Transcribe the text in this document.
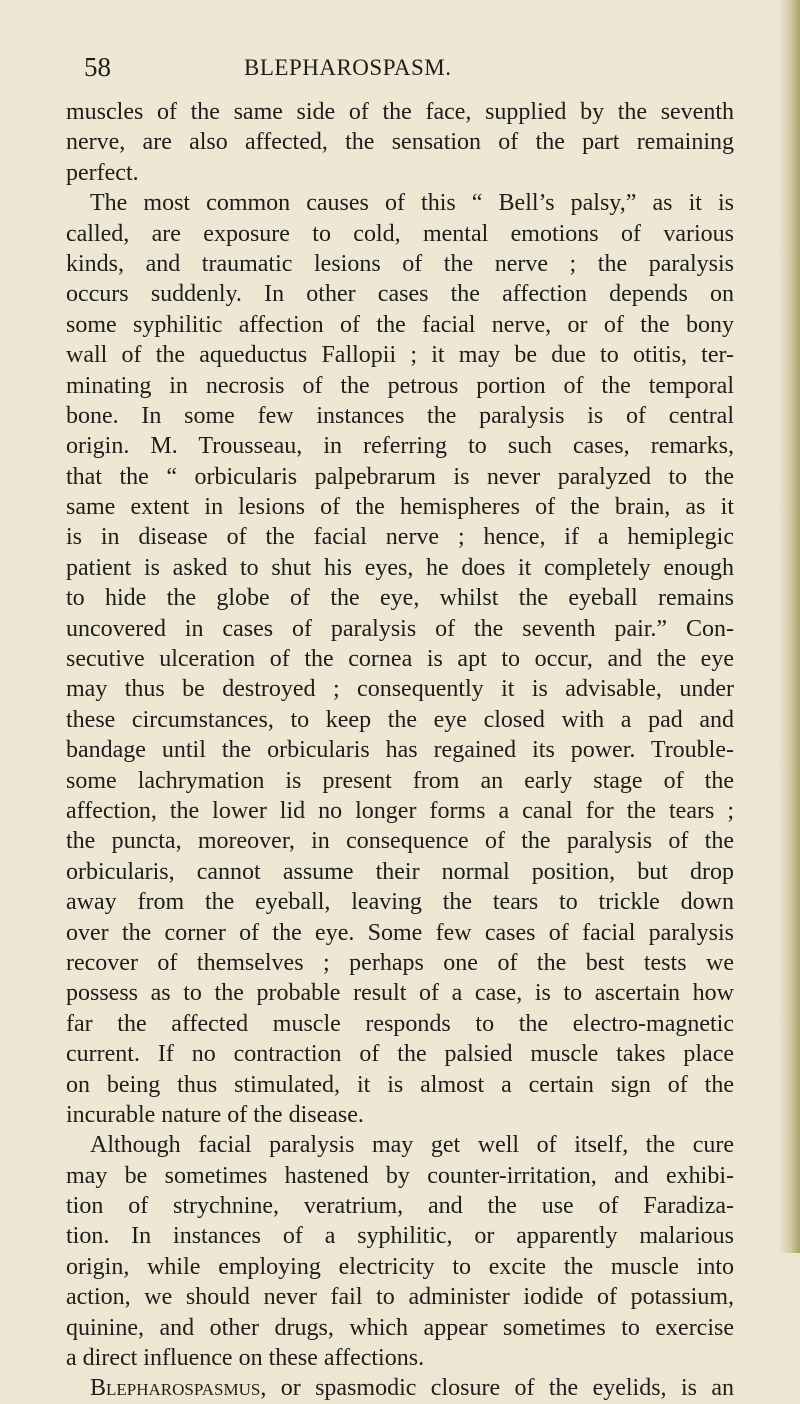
58	BLEPHAROSPASM.
muscles of the same side of the face, supplied by the seventh
nerve, are also affected, the sensation of the part remaining
perfect.
The most common causes of this “ Bell’s palsy,” as it is
called, are exposure to cold, mental emotions of various
kinds, and traumatic lesions of the nerve ; the paralysis
occurs suddenly. In other cases the affection depends on
some syphilitic affection of the facial nerve, or of the bony
wall of the aqueductus Fallopii ; it may be due to otitis, ter-
minating in necrosis of the petrous portion of the temporal
bone. In some few instances the paralysis is of central
origin. M. Trousseau, in referring to such cases, remarks,
that the “ orbicularis palpebrarum is never paralyzed to the
same extent in lesions of the hemispheres of the brain, as it
is in disease of the facial nerve ; hence, if a hemiplegic
patient is asked to shut his eyes, he does it completely enough
to hide the globe of the eye, whilst the eyeball remains
uncovered in cases of paralysis of the seventh pair.” Con-
secutive ulceration of the cornea is apt to occur, and the eye
may thus be destroyed ; consequently it is advisable, under
these circumstances, to keep the eye closed with a pad and
bandage until the orbicularis has regained its power. Trouble-
some lachrymation is present from an early stage of the
affection, the lower lid no longer forms a canal for the tears ;
the puncta, moreover, in consequence of the paralysis of the
orbicularis, cannot assume their normal position, but drop
away from the eyeball, leaving the tears to trickle down
over the corner of the eye. Some few cases of facial paralysis
recover of themselves ; perhaps one of the best tests we
possess as to the probable result of a case, is to ascertain how
far the affected muscle responds to the electro-magnetic
current. If no contraction of the palsied muscle takes place
on being thus stimulated, it is almost a certain sign of the
incurable nature of the disease.
Although facial paralysis may get well of itself, the cure
may be sometimes hastened by counter-irritation, and exhibi-
tion of strychnine, veratrium, and the use of Faradiza-
tion. In instances of a syphilitic, or apparently malarious
origin, while employing electricity to excite the muscle into
action, we should never fail to administer iodide of potassium,
quinine, and other drugs, which appear sometimes to exercise
a direct influence on these affections.
Blepharospasmus, or spasmodic closure of the eyelids, is an
